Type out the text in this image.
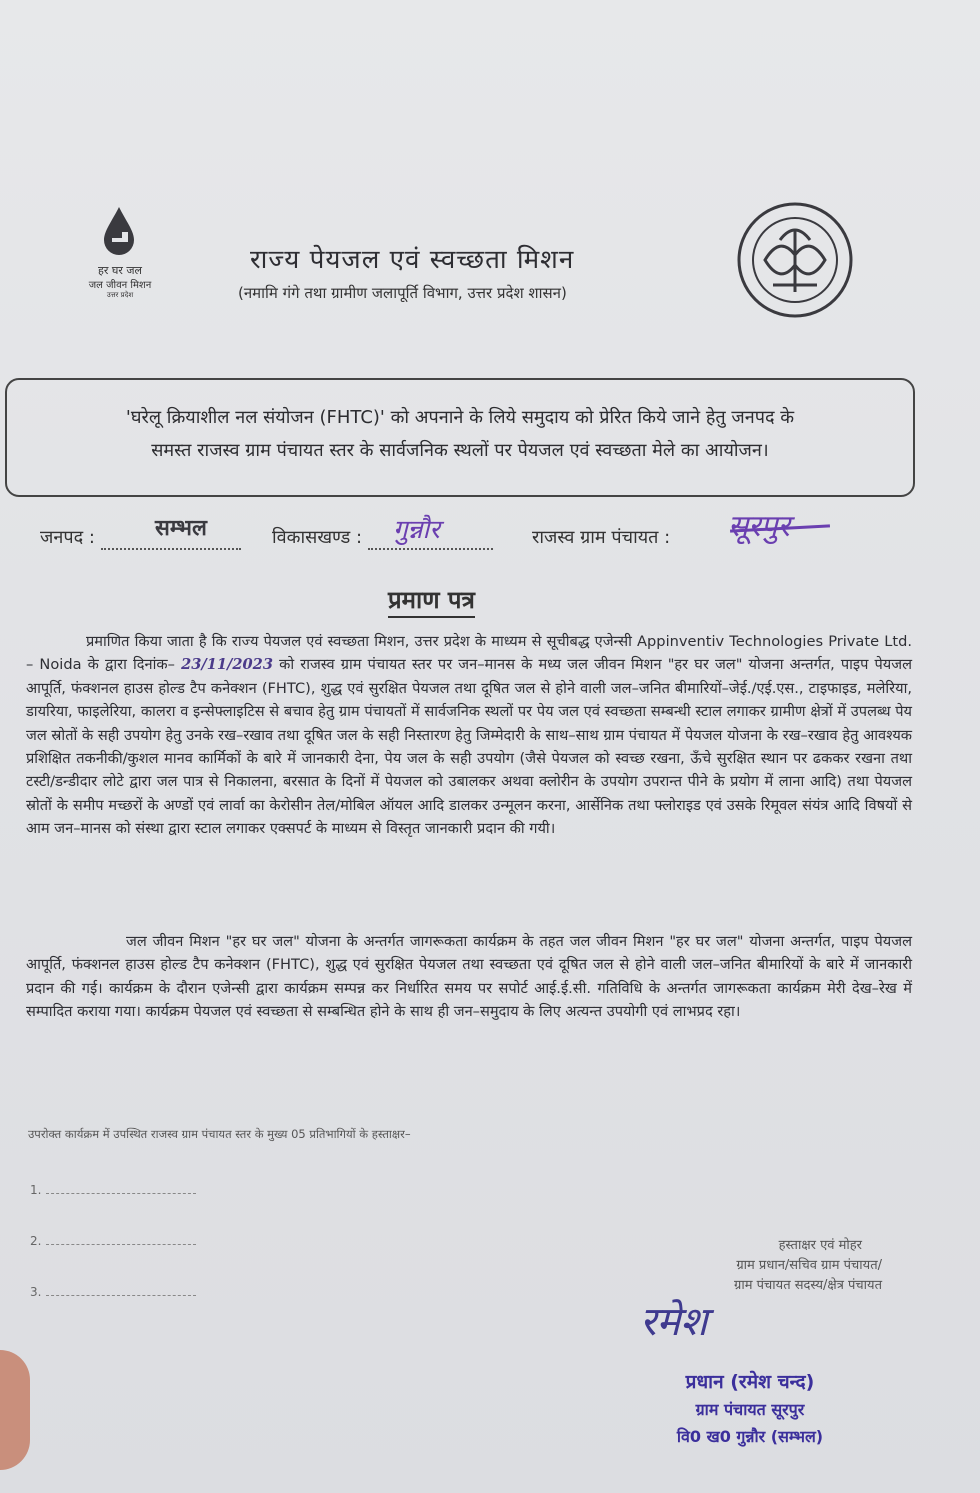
हर घर जल
जल जीवन मिशन
उत्तर प्रदेश
राज्य पेयजल एवं स्वच्छता मिशन
(नमामि गंगे तथा ग्रामीण जलापूर्ति विभाग, उत्तर प्रदेश शासन)
'घरेलू क्रियाशील नल संयोजन (FHTC)' को अपनाने के लिये समुदाय को प्रेरित किये जाने हेतु जनपद के
समस्त राजस्व ग्राम पंचायत स्तर के सार्वजनिक स्थलों पर पेयजल एवं स्वच्छता मेले का आयोजन।
जनपद :	सम्भल	विकासखण्ड :	गुन्नौर	राजस्व ग्राम पंचायत : सूरपुर
प्रमाण पत्र
प्रमाणित किया जाता है कि राज्य पेयजल एवं स्वच्छता मिशन, उत्तर प्रदेश के माध्यम से सूचीबद्ध एजेन्सी Appinventiv Technologies Private Ltd. – Noida के द्वारा दिनांक– 23/11/2023 को राजस्व ग्राम पंचायत स्तर पर जन–मानस के मध्य जल जीवन मिशन "हर घर जल" योजना अन्तर्गत, पाइप पेयजल आपूर्ति, फंक्शनल हाउस होल्ड टैप कनेक्शन (FHTC), शुद्ध एवं सुरक्षित पेयजल तथा दूषित जल से होने वाली जल–जनित बीमारियों–जेई./एई.एस., टाइफाइड, मलेरिया, डायरिया, फाइलेरिया, कालरा व इन्सेफ्लाइटिस से बचाव हेतु ग्राम पंचायतों में सार्वजनिक स्थलों पर पेय जल एवं स्वच्छता सम्बन्धी स्टाल लगाकर ग्रामीण क्षेत्रों में उपलब्ध पेय जल स्रोतों के सही उपयोग हेतु उनके रख–रखाव तथा दूषित जल के सही निस्तारण हेतु जिम्मेदारी के साथ–साथ ग्राम पंचायत में पेयजल योजना के रख–रखाव हेतु आवश्यक प्रशिक्षित तकनीकी/कुशल मानव कार्मिकों के बारे में जानकारी देना, पेय जल के सही उपयोग (जैसे पेयजल को स्वच्छ रखना, ऊँचे सुरक्षित स्थान पर ढककर रखना तथा टस्टी/डन्डीदार लोटे द्वारा जल पात्र से निकालना, बरसात के दिनों में पेयजल को उबालकर अथवा क्लोरीन के उपयोग उपरान्त पीने के प्रयोग में लाना आदि) तथा पेयजल स्रोतों के समीप मच्छरों के अण्डों एवं लार्वा का केरोसीन तेल/मोबिल ऑयल आदि डालकर उन्मूलन करना, आर्सेनिक तथा फ्लोराइड एवं उसके रिमूवल संयंत्र आदि विषयों से आम जन–मानस को संस्था द्वारा स्टाल लगाकर एक्सपर्ट के माध्यम से विस्तृत जानकारी प्रदान की गयी।
जल जीवन मिशन "हर घर जल" योजना के अन्तर्गत जागरूकता कार्यक्रम के तहत जल जीवन मिशन "हर घर जल" योजना अन्तर्गत, पाइप पेयजल आपूर्ति, फंक्शनल हाउस होल्ड टैप कनेक्शन (FHTC), शुद्ध एवं सुरक्षित पेयजल तथा स्वच्छता एवं दूषित जल से होने वाली जल–जनित बीमारियों के बारे में जानकारी प्रदान की गई। कार्यक्रम के दौरान एजेन्सी द्वारा कार्यक्रम सम्पन्न कर निर्धारित समय पर सपोर्ट आई.ई.सी. गतिविधि के अन्तर्गत जागरूकता कार्यक्रम मेरी देख–रेख में सम्पादित कराया गया। कार्यक्रम पेयजल एवं स्वच्छता से सम्बन्धित होने के साथ ही जन–समुदाय के लिए अत्यन्त उपयोगी एवं लाभप्रद रहा।
उपरोक्त कार्यक्रम में उपस्थित राजस्व ग्राम पंचायत स्तर के मुख्य 05 प्रतिभागियों के हस्ताक्षर–
1.
2.
3.
हस्ताक्षर एवं मोहर
ग्राम प्रधान/सचिव ग्राम पंचायत/
ग्राम पंचायत सदस्य/क्षेत्र पंचायत
रमेश
प्रधान (रमेश चन्द)
ग्राम पंचायत सूरपुर
वि0 ख0 गुन्नौर (सम्भल)
